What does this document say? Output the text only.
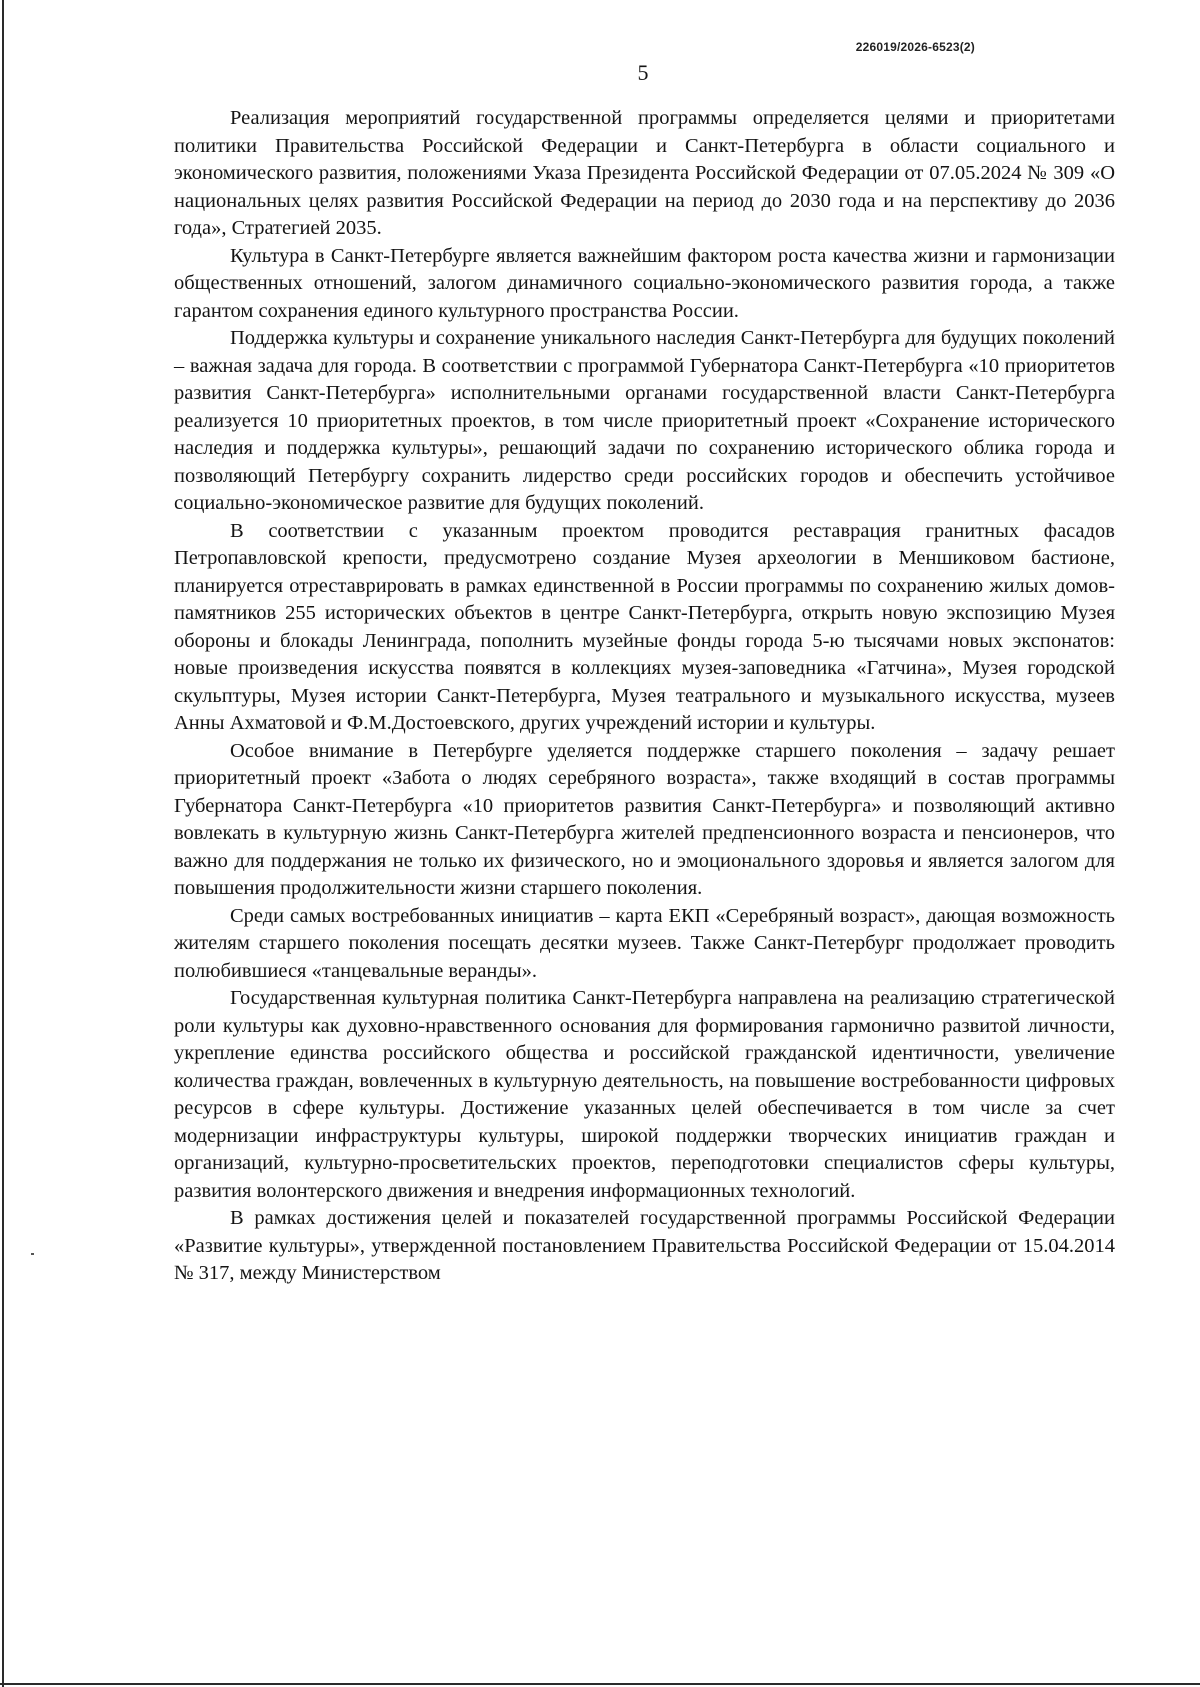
226019/2026-6523(2)
5

Реализация мероприятий государственной программы определяется целями и приоритетами политики Правительства Российской Федерации и Санкт-Петербурга в области социального и экономического развития, положениями Указа Президента Российской Федерации от 07.05.2024 № 309 «О национальных целях развития Российской Федерации на период до 2030 года и на перспективу до 2036 года», Стратегией 2035.

Культура в Санкт-Петербурге является важнейшим фактором роста качества жизни и гармонизации общественных отношений, залогом динамичного социально-экономического развития города, а также гарантом сохранения единого культурного пространства России.

Поддержка культуры и сохранение уникального наследия Санкт-Петербурга для будущих поколений – важная задача для города. В соответствии с программой Губернатора Санкт-Петербурга «10 приоритетов развития Санкт-Петербурга» исполнительными органами государственной власти Санкт-Петербурга реализуется 10 приоритетных проектов, в том числе приоритетный проект «Сохранение исторического наследия и поддержка культуры», решающий задачи по сохранению исторического облика города и позволяющий Петербургу сохранить лидерство среди российских городов и обеспечить устойчивое социально-экономическое развитие для будущих поколений.

В соответствии с указанным проектом проводится реставрация гранитных фасадов Петропавловской крепости, предусмотрено создание Музея археологии в Меншиковом бастионе, планируется отреставрировать в рамках единственной в России программы по сохранению жилых домов-памятников 255 исторических объектов в центре Санкт-Петербурга, открыть новую экспозицию Музея обороны и блокады Ленинграда, пополнить музейные фонды города 5-ю тысячами новых экспонатов: новые произведения искусства появятся в коллекциях музея-заповедника «Гатчина», Музея городской скульптуры, Музея истории Санкт-Петербурга, Музея театрального и музыкального искусства, музеев Анны Ахматовой и Ф.М.Достоевского, других учреждений истории и культуры.

Особое внимание в Петербурге уделяется поддержке старшего поколения – задачу решает приоритетный проект «Забота о людях серебряного возраста», также входящий в состав программы Губернатора Санкт-Петербурга «10 приоритетов развития Санкт-Петербурга» и позволяющий активно вовлекать в культурную жизнь Санкт-Петербурга жителей предпенсионного возраста и пенсионеров, что важно для поддержания не только их физического, но и эмоционального здоровья и является залогом для повышения продолжительности жизни старшего поколения.

Среди самых востребованных инициатив – карта ЕКП «Серебряный возраст», дающая возможность жителям старшего поколения посещать десятки музеев. Также Санкт-Петербург продолжает проводить полюбившиеся «танцевальные веранды».

Государственная культурная политика Санкт-Петербурга направлена на реализацию стратегической роли культуры как духовно-нравственного основания для формирования гармонично развитой личности, укрепление единства российского общества и российской гражданской идентичности, увеличение количества граждан, вовлеченных в культурную деятельность, на повышение востребованности цифровых ресурсов в сфере культуры. Достижение указанных целей обеспечивается в том числе за счет модернизации инфраструктуры культуры, широкой поддержки творческих инициатив граждан и организаций, культурно-просветительских проектов, переподготовки специалистов сферы культуры, развития волонтерского движения и внедрения информационных технологий.

В рамках достижения целей и показателей государственной программы Российской Федерации «Развитие культуры», утвержденной постановлением Правительства Российской Федерации от 15.04.2014 № 317, между Министерством
